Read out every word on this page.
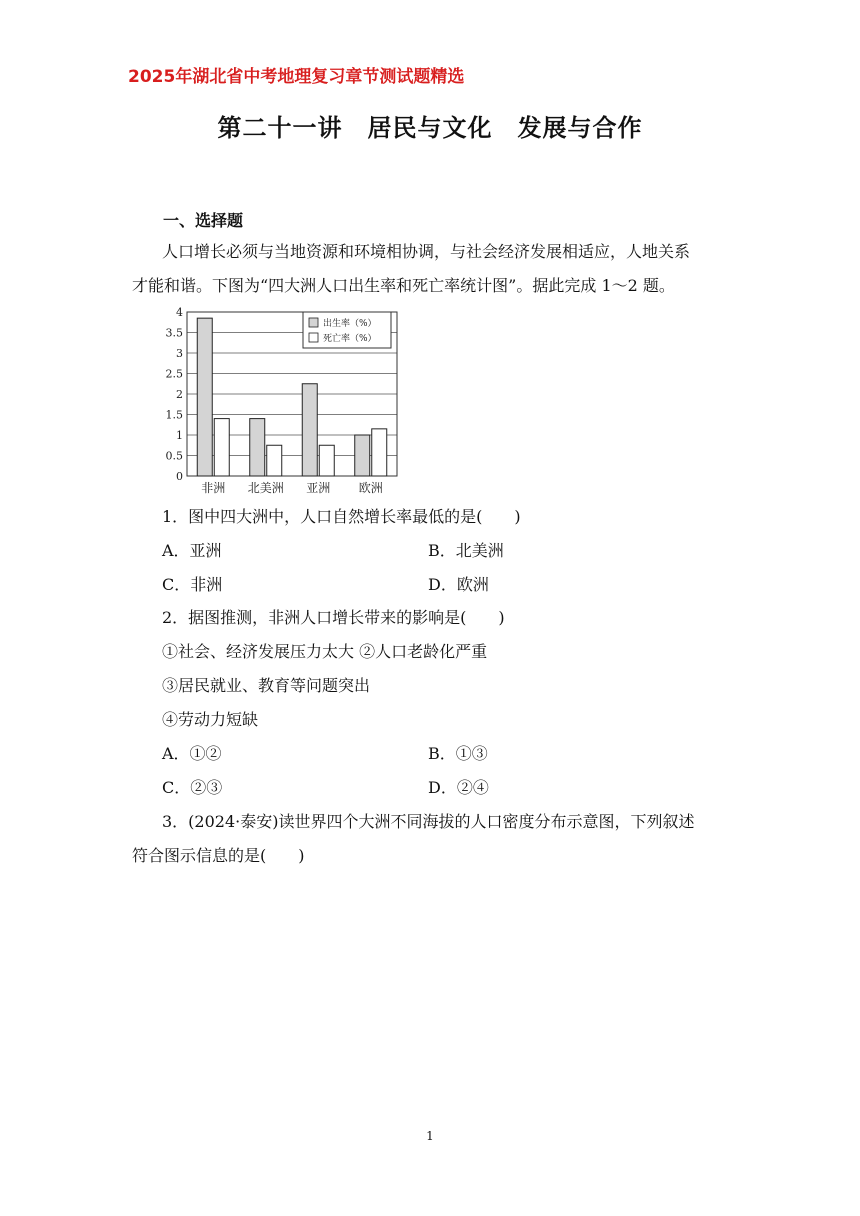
2025年湖北省中考地理复习章节测试题精选
第二十一讲　居民与文化　发展与合作
一、选择题
人口增长必须与当地资源和环境相协调，与社会经济发展相适应，人地关系
才能和谐。下图为“四大洲人口出生率和死亡率统计图”。据此完成 1～2 题。
0
0.5
1
1.5
2
2.5
3
3.5
4
非洲 北美洲 亚洲 欧洲
出生率（%）
死亡率（%）
1．图中四大洲中，人口自然增长率最低的是(　　)
A．亚洲	B．北美洲
C．非洲	D．欧洲
2．据图推测，非洲人口增长带来的影响是(　　)
①社会、经济发展压力太大 ②人口老龄化严重
③居民就业、教育等问题突出
④劳动力短缺
A．①②	B．①③
C．②③	D．②④
3．(2024·泰安)读世界四个大洲不同海拔的人口密度分布示意图，下列叙述
符合图示信息的是(　　)
1
